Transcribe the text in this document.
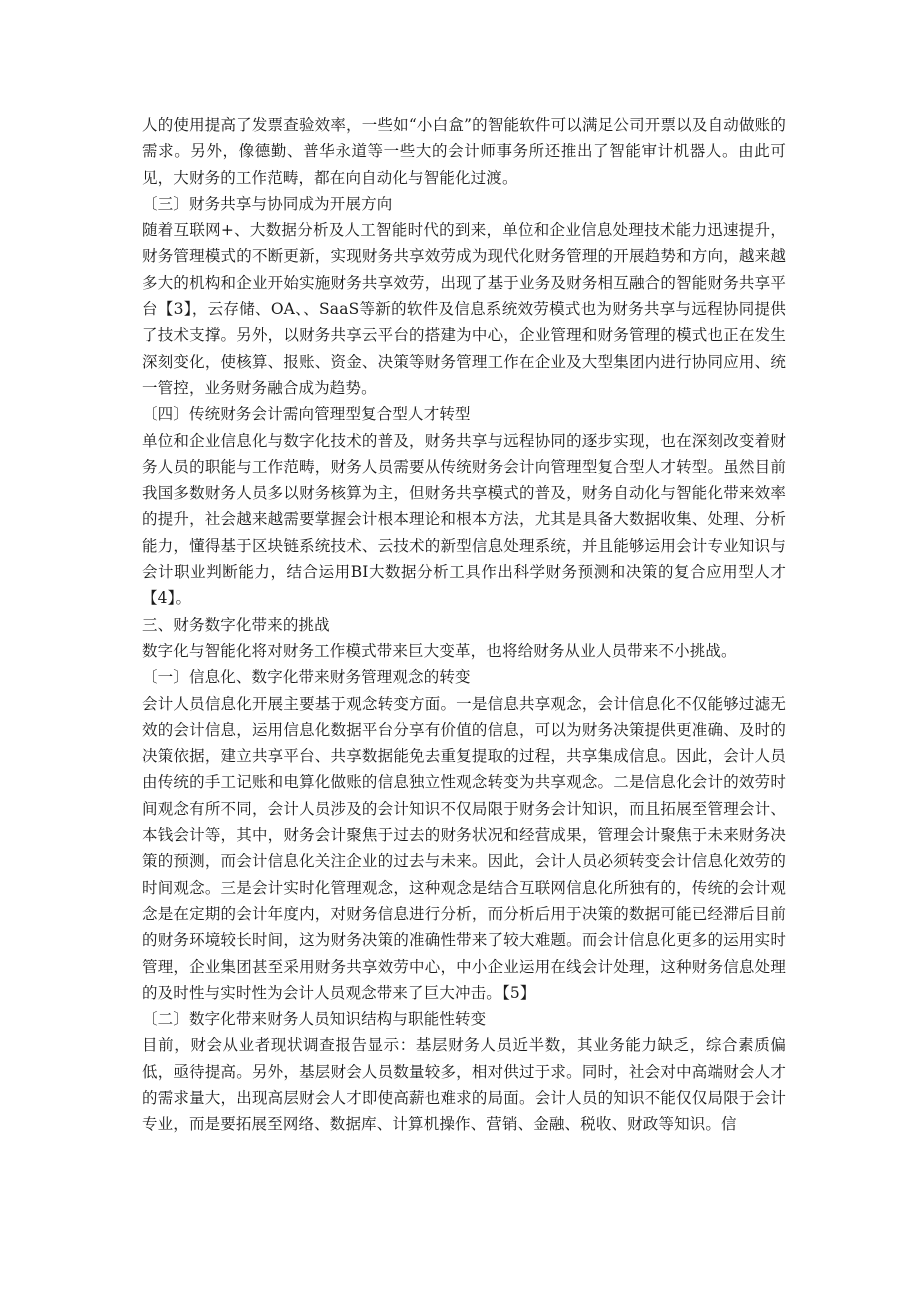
人的使用提高了发票查验效率，一些如“小白盒”的智能软件可以满足公司开票以及自动做账的需求。另外，像德勤、普华永道等一些大的会计师事务所还推出了智能审计机器人。由此可见，大财务的工作范畴，都在向自动化与智能化过渡。

〔三〕财务共享与协同成为开展方向

随着互联网+、大数据分析及人工智能时代的到来，单位和企业信息处理技术能力迅速提升，财务管理模式的不断更新，实现财务共享效劳成为现代化财务管理的开展趋势和方向，越来越多大的机构和企业开始实施财务共享效劳，出现了基于业务及财务相互融合的智能财务共享平台【3】，云存储、OA、、SaaS等新的软件及信息系统效劳模式也为财务共享与远程协同提供了技术支撑。另外，以财务共享云平台的搭建为中心，企业管理和财务管理的模式也正在发生深刻变化，使核算、报账、资金、决策等财务管理工作在企业及大型集团内进行协同应用、统一管控，业务财务融合成为趋势。

〔四〕传统财务会计需向管理型复合型人才转型

单位和企业信息化与数字化技术的普及，财务共享与远程协同的逐步实现，也在深刻改变着财务人员的职能与工作范畴，财务人员需要从传统财务会计向管理型复合型人才转型。虽然目前我国多数财务人员多以财务核算为主，但财务共享模式的普及，财务自动化与智能化带来效率的提升，社会越来越需要掌握会计根本理论和根本方法，尤其是具备大数据收集、处理、分析能力，懂得基于区块链系统技术、云技术的新型信息处理系统，并且能够运用会计专业知识与会计职业判断能力，结合运用BI大数据分析工具作出科学财务预测和决策的复合应用型人才【4】。

三、财务数字化带来的挑战

数字化与智能化将对财务工作模式带来巨大变革，也将给财务从业人员带来不小挑战。

〔一〕信息化、数字化带来财务管理观念的转变

会计人员信息化开展主要基于观念转变方面。一是信息共享观念，会计信息化不仅能够过滤无效的会计信息，运用信息化数据平台分享有价值的信息，可以为财务决策提供更准确、及时的决策依据，建立共享平台、共享数据能免去重复提取的过程，共享集成信息。因此，会计人员由传统的手工记账和电算化做账的信息独立性观念转变为共享观念。二是信息化会计的效劳时间观念有所不同，会计人员涉及的会计知识不仅局限于财务会计知识，而且拓展至管理会计、本钱会计等，其中，财务会计聚焦于过去的财务状况和经营成果，管理会计聚焦于未来财务决策的预测，而会计信息化关注企业的过去与未来。因此，会计人员必须转变会计信息化效劳的时间观念。三是会计实时化管理观念，这种观念是结合互联网信息化所独有的，传统的会计观念是在定期的会计年度内，对财务信息进行分析，而分析后用于决策的数据可能已经滞后目前的财务环境较长时间，这为财务决策的准确性带来了较大难题。而会计信息化更多的运用实时管理，企业集团甚至采用财务共享效劳中心，中小企业运用在线会计处理，这种财务信息处理的及时性与实时性为会计人员观念带来了巨大冲击。【5】

〔二〕数字化带来财务人员知识结构与职能性转变

目前，财会从业者现状调查报告显示：基层财务人员近半数，其业务能力缺乏，综合素质偏低，亟待提高。另外，基层财会人员数量较多，相对供过于求。同时，社会对中高端财会人才的需求量大，出现高层财会人才即使高薪也难求的局面。会计人员的知识不能仅仅局限于会计专业，而是要拓展至网络、数据库、计算机操作、营销、金融、税收、财政等知识。信
